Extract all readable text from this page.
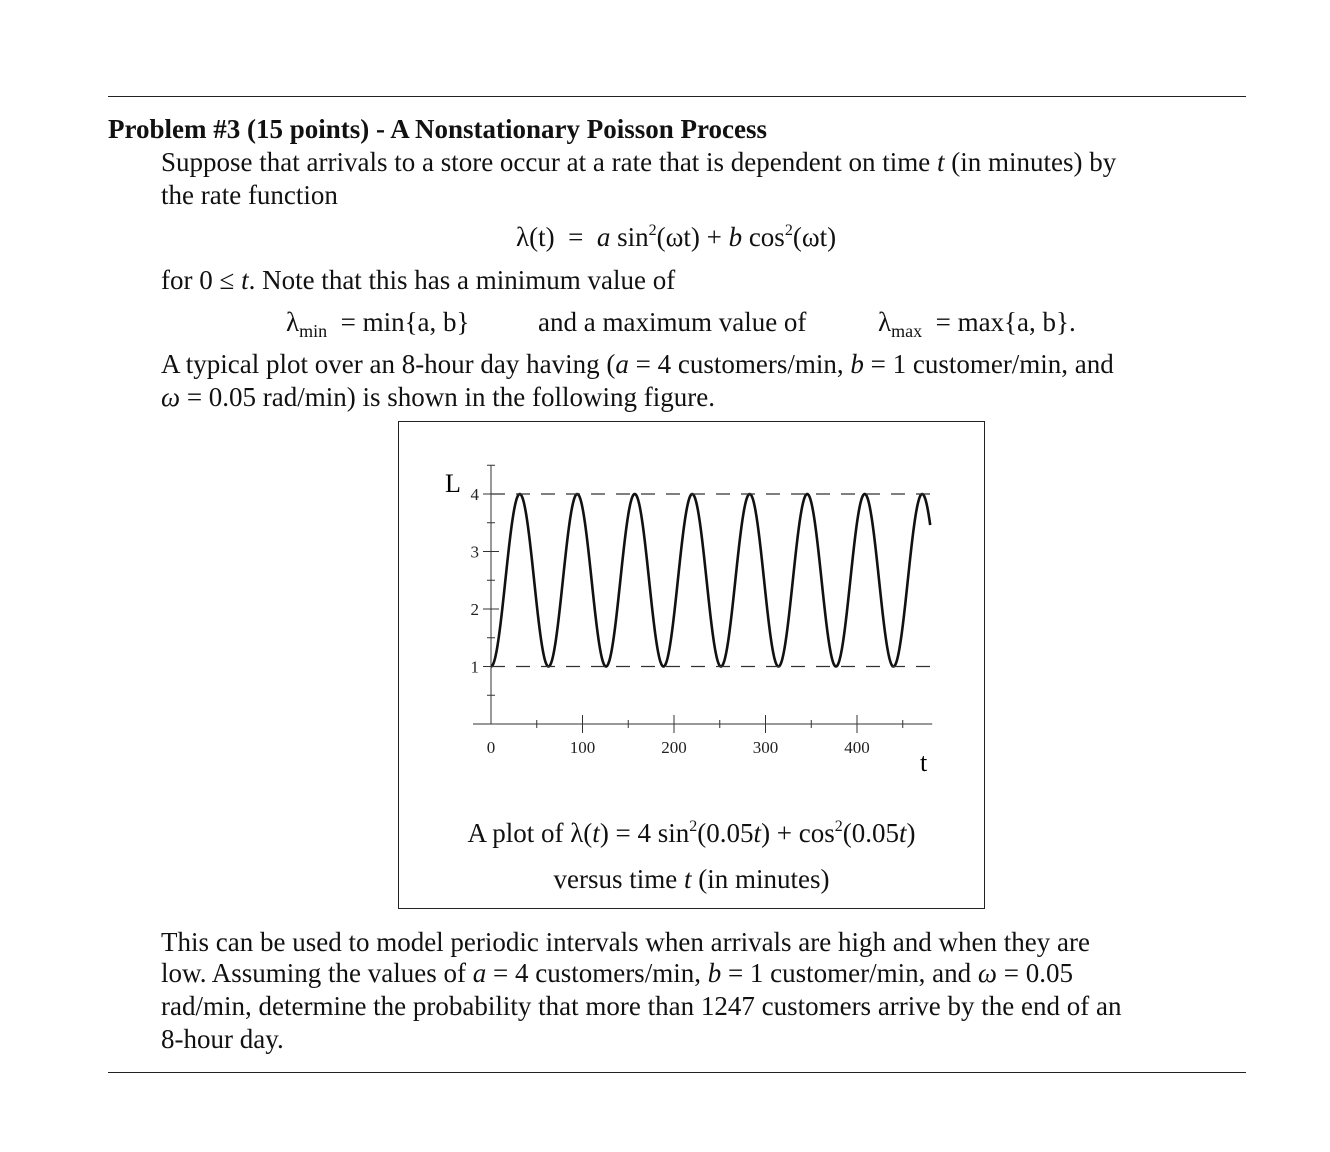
Problem #3 (15 points) - A Nonstationary Poisson Process
Suppose that arrivals to a store occur at a rate that is dependent on time t (in minutes) by
the rate function
λ(t) = a $\sin^2(\omega t) + b$ $\cos^2(\omega t)$
for 0 ≤ t. Note that this has a minimum value of
$\lambda_{min} = \min\{a$, b}	and a maximum value of	$\lambda_{max} = \max\{a$, b}.
A typical plot over an 8-hour day having (a = 4 customers/min, b = 1 customer/min, and
ω = 0.05 rad/min) is shown in the following figure.
0	100	200	300	400
1
2
3
4
L
t
A plot of λ(t) = 4 $\sin^2(0.05t) + \cos^2(0.05t)$
versus time t (in minutes)
This can be used to model periodic intervals when arrivals are high and when they are
low. Assuming the values of a = 4 customers/min, b = 1 customer/min, and ω = 0.05
rad/min, determine the probability that more than 1247 customers arrive by the end of an
8-hour day.
